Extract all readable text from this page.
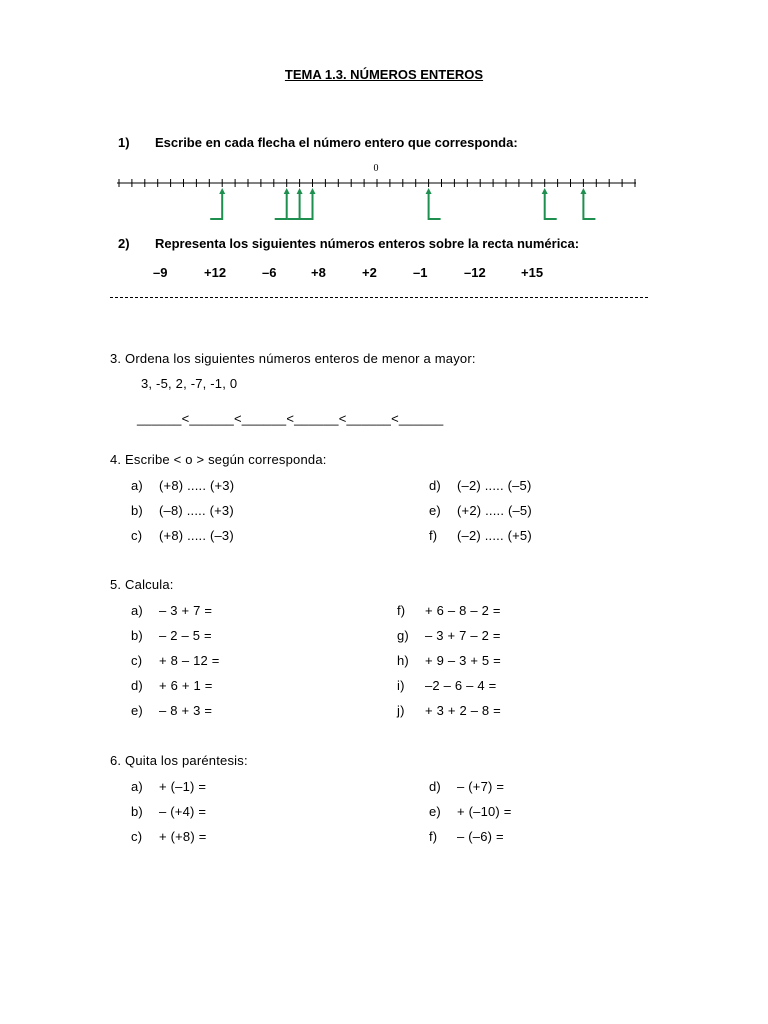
TEMA 1.3. NÚMEROS ENTEROS
1) Escribe en cada flecha el número entero que corresponda:
0
2) Representa los siguientes números enteros sobre la recta numérica:
–9	+12	–6	+8	+2	–1	–12	+15
3. Ordena los siguientes números enteros de menor a mayor:
3, -5, 2, -7, -1, 0
______<______<______<______<______<______
4. Escribe < o > según corresponda:
a) (+8) ..... (+3)
b) (–8) ..... (+3)
c) (+8) ..... (–3)
d) (–2) ..... (–5)
e) (+2) ..... (–5)
f) (–2) ..... (+5)
5. Calcula:
a) – 3 + 7 =
b) – 2 – 5 =
c) + 8 – 12 =
d) + 6 + 1 =
e) – 8 + 3 =
f) + 6 – 8 – 2 =
g) – 3 + 7 – 2 =
h) + 9 – 3 + 5 =
i) –2 – 6 – 4 =
j) + 3 + 2 – 8 =
6. Quita los paréntesis:
a) + (–1) =
b) – (+4) =
c) + (+8) =
d) – (+7) =
e) + (–10) =
f) – (–6) =
